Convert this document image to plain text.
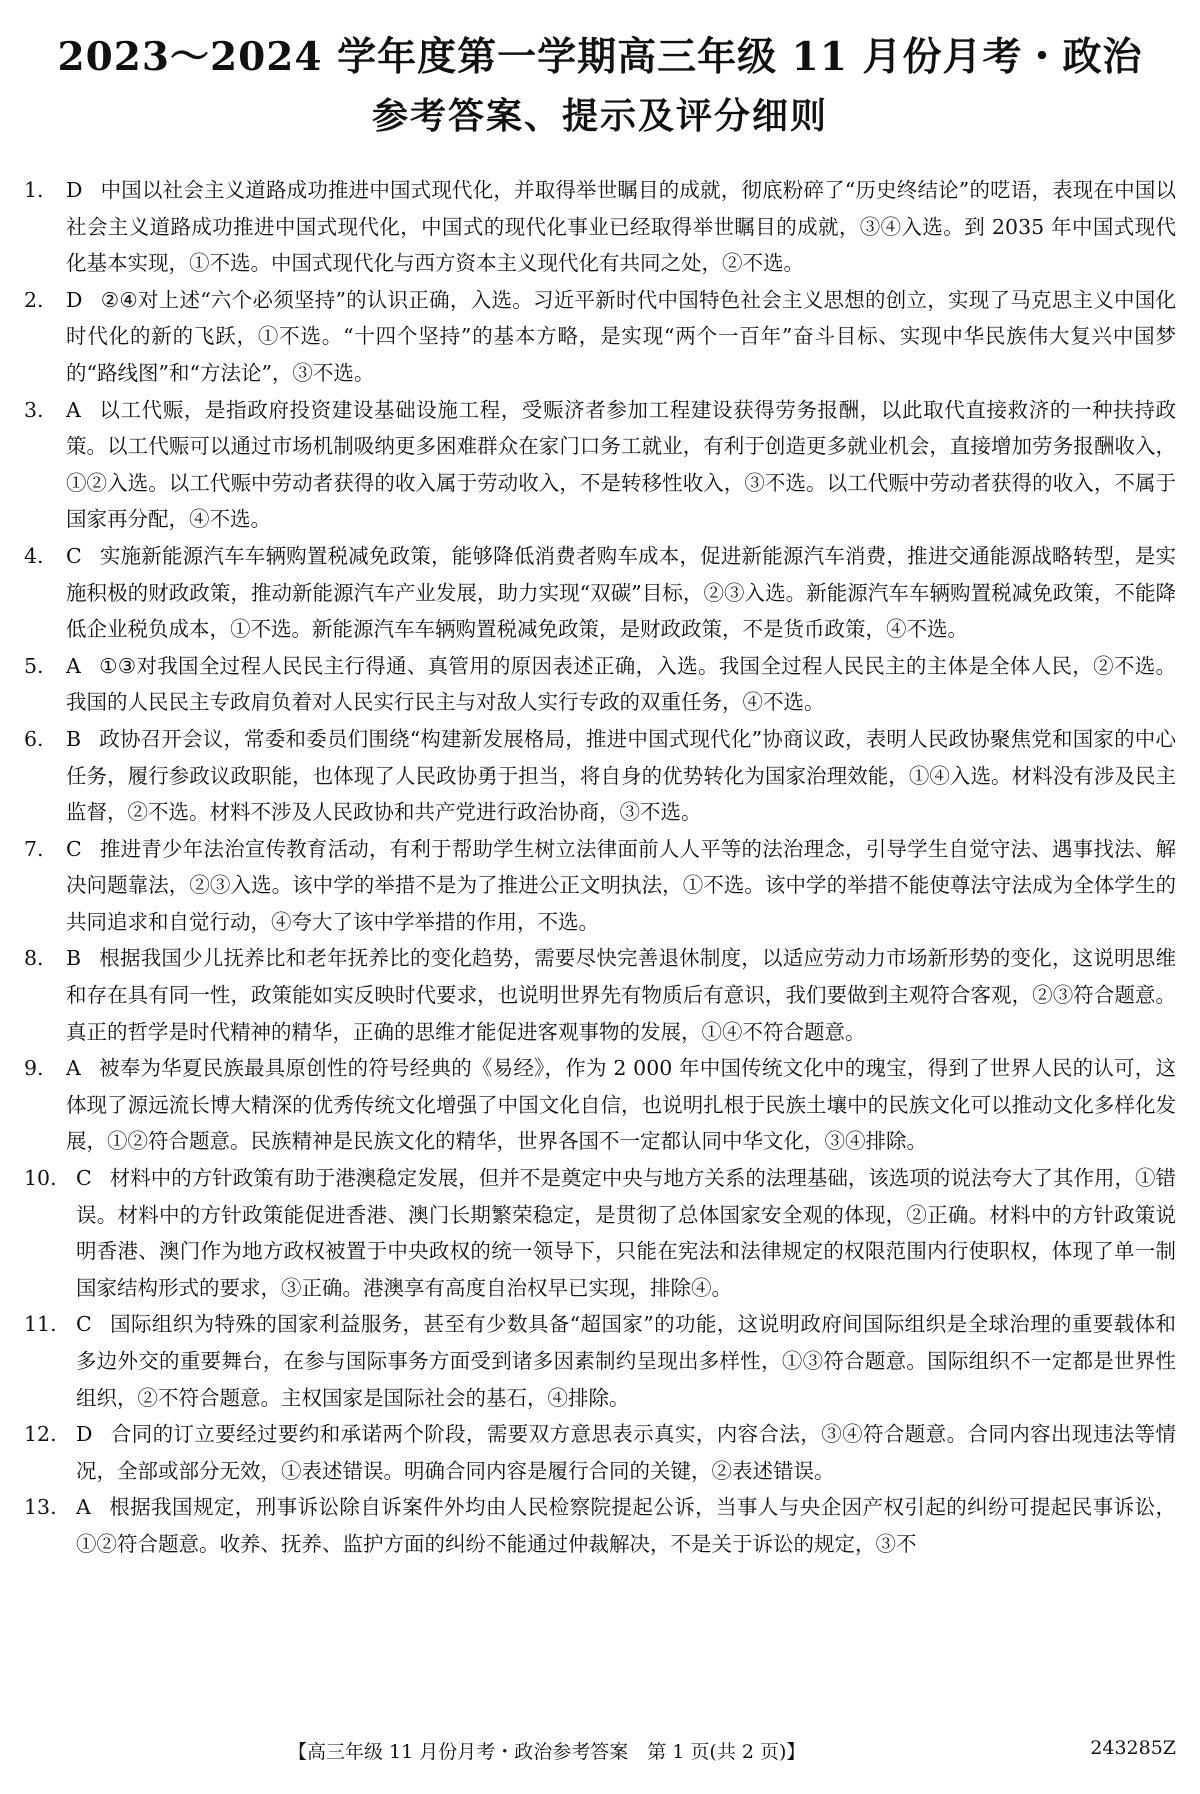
2023～2024 学年度第一学期高三年级 11 月份月考・政治
参考答案、提示及评分细则
1.	D 中国以社会主义道路成功推进中国式现代化，并取得举世瞩目的成就，彻底粉碎了“历史终结论”的呓语，表现在中国以社会主义道路成功推进中国式现代化，中国式的现代化事业已经取得举世瞩目的成就，③④入选。到 2035 年中国式现代化基本实现，①不选。中国式现代化与西方资本主义现代化有共同之处，②不选。
2.	D ②④对上述“六个必须坚持”的认识正确，入选。习近平新时代中国特色社会主义思想的创立，实现了马克思主义中国化时代化的新的飞跃，①不选。“十四个坚持”的基本方略，是实现“两个一百年”奋斗目标、实现中华民族伟大复兴中国梦的“路线图”和“方法论”，③不选。
3.	A 以工代赈，是指政府投资建设基础设施工程，受赈济者参加工程建设获得劳务报酬，以此取代直接救济的一种扶持政策。以工代赈可以通过市场机制吸纳更多困难群众在家门口务工就业，有利于创造更多就业机会，直接增加劳务报酬收入，①②入选。以工代赈中劳动者获得的收入属于劳动收入，不是转移性收入，③不选。以工代赈中劳动者获得的收入，不属于国家再分配，④不选。
4.	C 实施新能源汽车车辆购置税减免政策，能够降低消费者购车成本，促进新能源汽车消费，推进交通能源战略转型，是实施积极的财政政策，推动新能源汽车产业发展，助力实现“双碳”目标，②③入选。新能源汽车车辆购置税减免政策，不能降低企业税负成本，①不选。新能源汽车车辆购置税减免政策，是财政政策，不是货币政策，④不选。
5.	A ①③对我国全过程人民民主行得通、真管用的原因表述正确，入选。我国全过程人民民主的主体是全体人民，②不选。我国的人民民主专政肩负着对人民实行民主与对敌人实行专政的双重任务，④不选。
6.	B 政协召开会议，常委和委员们围绕“构建新发展格局，推进中国式现代化”协商议政，表明人民政协聚焦党和国家的中心任务，履行参政议政职能，也体现了人民政协勇于担当，将自身的优势转化为国家治理效能，①④入选。材料没有涉及民主监督，②不选。材料不涉及人民政协和共产党进行政治协商，③不选。
7.	C 推进青少年法治宣传教育活动，有利于帮助学生树立法律面前人人平等的法治理念，引导学生自觉守法、遇事找法、解决问题靠法，②③入选。该中学的举措不是为了推进公正文明执法，①不选。该中学的举措不能使尊法守法成为全体学生的共同追求和自觉行动，④夸大了该中学举措的作用，不选。
8.	B 根据我国少儿抚养比和老年抚养比的变化趋势，需要尽快完善退休制度，以适应劳动力市场新形势的变化，这说明思维和存在具有同一性，政策能如实反映时代要求，也说明世界先有物质后有意识，我们要做到主观符合客观，②③符合题意。真正的哲学是时代精神的精华，正确的思维才能促进客观事物的发展，①④不符合题意。
9.	A 被奉为华夏民族最具原创性的符号经典的《易经》，作为 2 000 年中国传统文化中的瑰宝，得到了世界人民的认可，这体现了源远流长博大精深的优秀传统文化增强了中国文化自信，也说明扎根于民族土壤中的民族文化可以推动文化多样化发展，①②符合题意。民族精神是民族文化的精华，世界各国不一定都认同中华文化，③④排除。
10. C 材料中的方针政策有助于港澳稳定发展，但并不是奠定中央与地方关系的法理基础，该选项的说法夸大了其作用，①错误。材料中的方针政策能促进香港、澳门长期繁荣稳定，是贯彻了总体国家安全观的体现，②正确。材料中的方针政策说明香港、澳门作为地方政权被置于中央政权的统一领导下，只能在宪法和法律规定的权限范围内行使职权，体现了单一制国家结构形式的要求，③正确。港澳享有高度自治权早已实现，排除④。
11. C 国际组织为特殊的国家利益服务，甚至有少数具备“超国家”的功能，这说明政府间国际组织是全球治理的重要载体和多边外交的重要舞台，在参与国际事务方面受到诸多因素制约呈现出多样性，①③符合题意。国际组织不一定都是世界性组织，②不符合题意。主权国家是国际社会的基石，④排除。
12. D 合同的订立要经过要约和承诺两个阶段，需要双方意思表示真实，内容合法，③④符合题意。合同内容出现违法等情况，全部或部分无效，①表述错误。明确合同内容是履行合同的关键，②表述错误。
13. A 根据我国规定，刑事诉讼除自诉案件外均由人民检察院提起公诉，当事人与央企因产权引起的纠纷可提起民事诉讼，①②符合题意。收养、抚养、监护方面的纠纷不能通过仲裁解决，不是关于诉讼的规定，③不
【高三年级 11 月份月考・政治参考答案　第 1 页(共 2 页)】	243285Z
